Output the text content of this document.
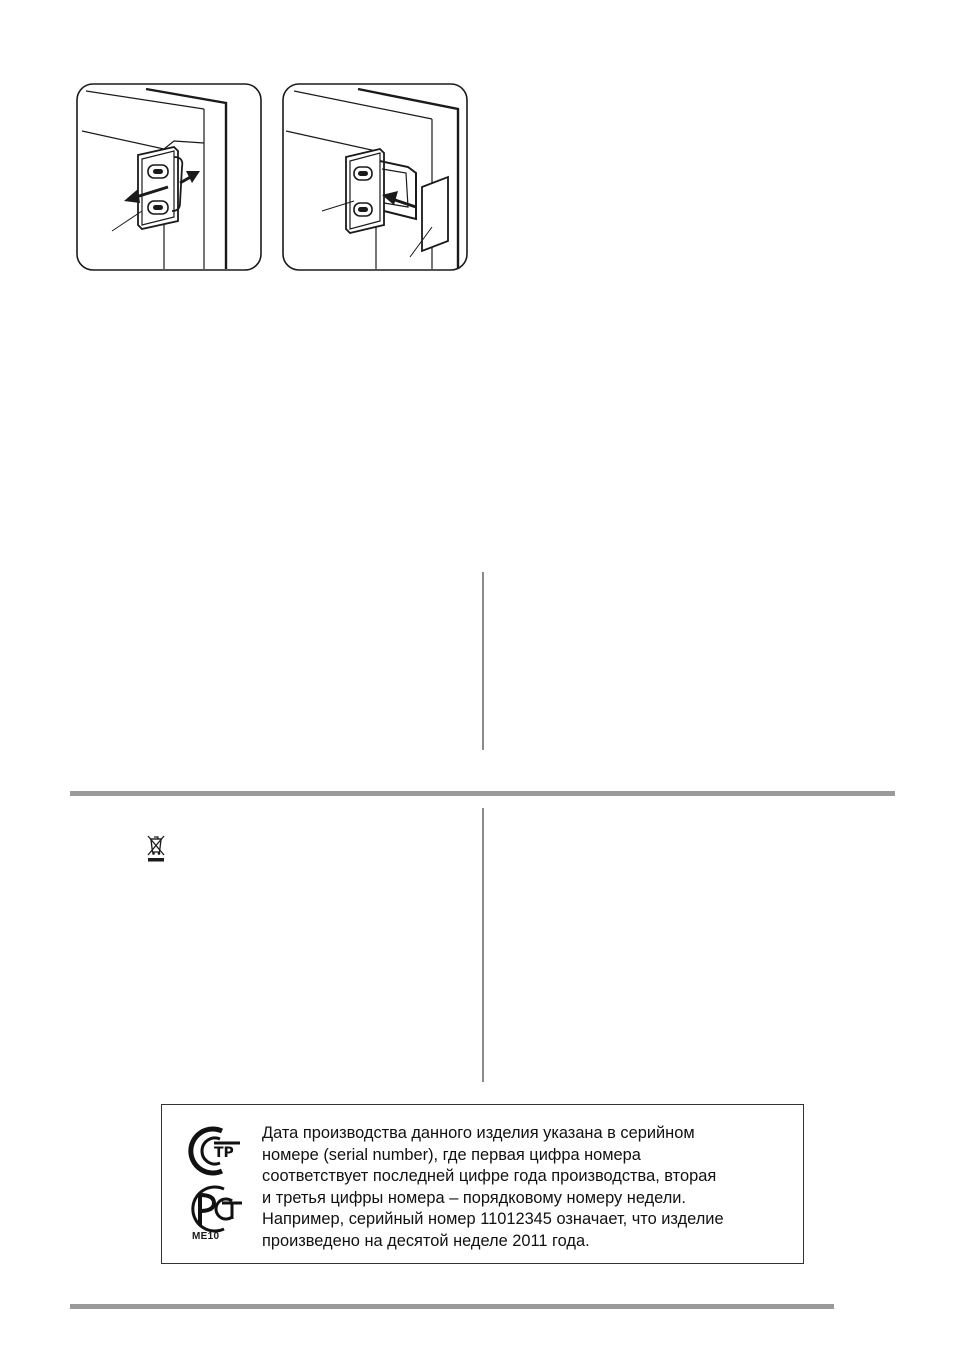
ТР
ME10
Дата производства данного изделия указана в серийном
номере (serial number), где первая цифра номера
соответствует последней цифре года производства, вторая
и третья цифры номера – порядковому номеру недели.
Например, серийный номер 11012345 означает, что изделие
произведено на десятой неделе 2011 года.
